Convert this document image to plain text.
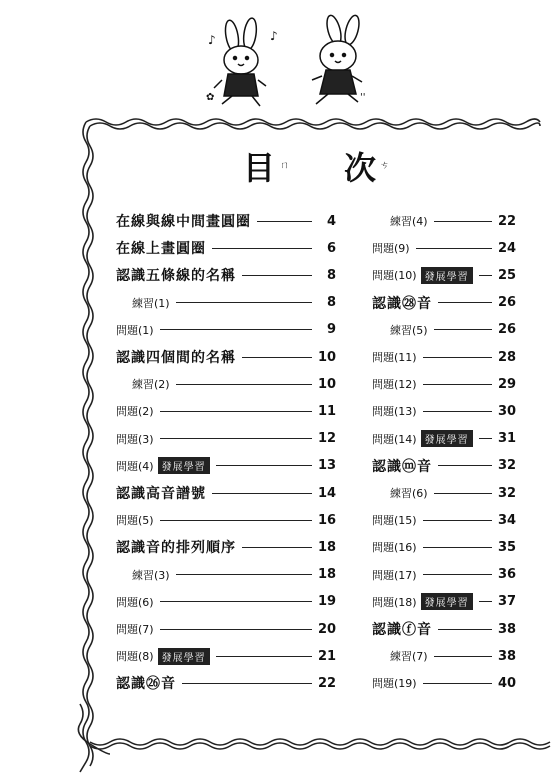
♪	♪
✿	''
目 ㄇ 次 ㄘ
在線與線中間畫圓圈	4
在線上畫圓圈	6
認識五條線的名稱	8
練習(1)	8
問題(1)	9
認識四個間的名稱	10
練習(2)	10
問題(2)	11
問題(3)	12
問題(4) 發展學習	13
認識高音譜號	14
問題(5)	16
認識音的排列順序	18
練習(3)	18
問題(6)	19
問題(7)	20
問題(8) 發展學習	21
認識㉖音	22
練習(4)	22
問題(9)	24
問題(10) 發展學習	25
認識㉘音	26
練習(5)	26
問題(11)	28
問題(12)	29
問題(13)	30
問題(14) 發展學習	31
認識ⓜ音	32
練習(6)	32
問題(15)	34
問題(16)	35
問題(17)	36
問題(18) 發展學習	37
認識ⓕ音	38
練習(7)	38
問題(19)	40
